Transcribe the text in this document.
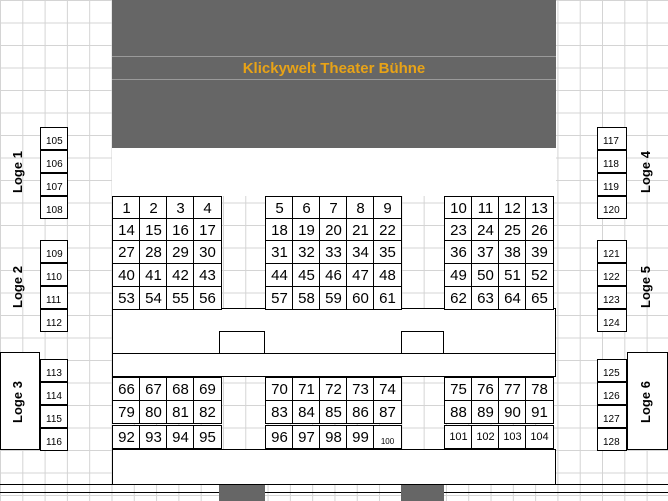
Klickywelt Theater Bühne
105
106
107
108
109
110
111
112
113
114
115
116
117
118
119
120
121
122
123
124
125
126
127
128
Loge 1
Loge 2
Loge 3
Loge 4
Loge 5
Loge 6
1	2	3	4	5	6	7	8	9	10 11 12 13
14 15 16 17	18 19 20 21 22	23 24 25 26
27 28 29 30	31 32 33 34 35	36 37 38 39
40 41 42 43	44 45 46 47 48	49 50 51 52
53 54 55 56	57 58 59 60 61	62 63 64 65
66 67 68 69	70 71 72 73 74	75 76 77 78
79 80 81 82	83 84 85 86 87	88 89 90 91
92 93 94 95	96 97 98 99	100	101 102 103 104
